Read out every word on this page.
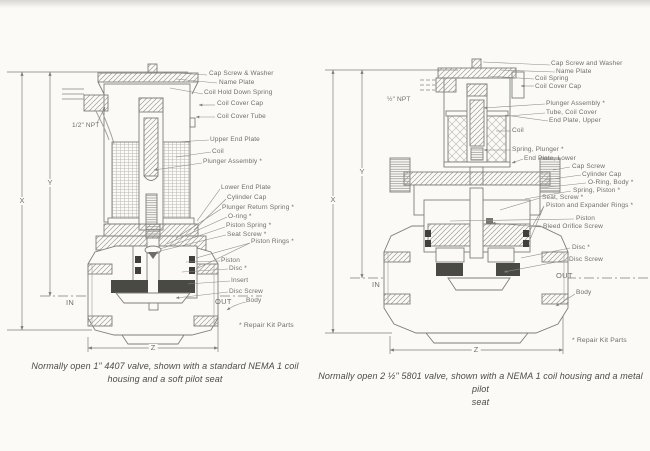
Cap Screw & Washer
Name Plate
Coil Hold Down Spring
Coil Cover Cap
Coil Cover Tube
Upper End Plate
Coil
Plunger Assembly *
Lower End Plate
Cylinder Cap
Plunger Return Spring *
O-ring *
Piston Spring *
Seat Screw *
Piston Rings *
Piston
Disc *
Insert
Disc Screw
Body
1/2" NPT
X
Y
Z
IN	OUT
* Repair Kit Parts
Normally open 1" 4407 valve, shown with a standard NEMA 1 coil
housing and a soft pilot seat
Cap Screw and Washer
Name Plate
Coil Spring
Coil Cover Cap
Plunger Assembly *
Tube, Coil Cover
End Plate, Upper
Coil
Spring, Plunger *
End Plate, Lower
Cap Screw
Cylinder Cap
O-Ring, Body *
Spring, Piston *
Seat, Screw *
Piston and Expander Rings *
Piston
Bleed Orifice Screw
Disc *
Disc Screw
Body
½" NPT
X
Y
Z
IN
OUT
* Repair Kit Parts
Normally open 2 ½" 5801 valve, shown with a NEMA 1 coil housing and a metal pilot
seat
